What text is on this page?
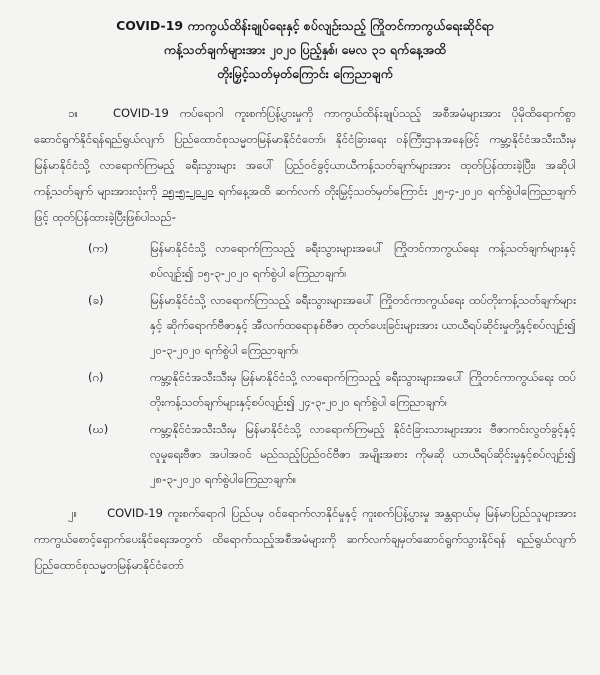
COVID-19 ကာကွယ်ထိန်းချုပ်ရေးနှင့် စပ်လျဉ်းသည့် ကြိုတင်ကာကွယ်ရေးဆိုင်ရာ
ကန့်သတ်ချက်များအား ၂၀၂၀ ပြည့်နှစ်၊ မေလ ၃၁ ရက်နေ့အထိ
တိုးမြှင့်သတ်မှတ်ကြောင်း ကြေညာချက်
၁။	COVID-19 ကပ်ရောဂါ ကူးစက်ပြန့်ပွားမှုကို ကာကွယ်ထိန်းချုပ်သည့် အစီအမံများအား ပိုမိုထိရောက်စွာ ဆောင်ရွက်နိုင်ရန်ရည်ရွယ်လျက် ပြည်ထောင်စုသမ္မတမြန်မာနိုင်ငံတော်၊ နိုင်ငံခြားရေး ဝန်ကြီးဌာနအနေဖြင့် ကမ္ဘာ့နိုင်ငံအသီးသီးမှ မြန်မာနိုင်ငံသို့ လာရောက်ကြမည့် ခရီးသွားများ အပေါ် ပြည်ဝင်ခွင့်ယာယီကန့်သတ်ချက်များအား ထုတ်ပြန်ထားခဲ့ပြီး၊ အဆိုပါ ကန့်သတ်ချက် များအားလုံးကို ၁၅-၅-၂၀၂၀ ရက်နေ့အထိ ဆက်လက် တိုးမြှင့်သတ်မှတ်ကြောင်း ၂၅-၄-၂၀၂၀ ရက်စွဲပါကြေညာချက်ဖြင့် ထုတ်ပြန်ထားခဲ့ပြီးဖြစ်ပါသည်-
(က)	မြန်မာနိုင်ငံသို့ လာရောက်ကြသည့် ခရီးသွားများအပေါ် ကြိုတင်ကာကွယ်ရေး ကန့်သတ်ချက်များနှင့်စပ်လျဉ်း၍ ၁၅-၃-၂၀၂၀ ရက်စွဲပါ ကြေညာချက်၊
(ခ)	မြန်မာနိုင်ငံသို့ လာရောက်ကြသည့် ခရီးသွားများအပေါ် ကြိုတင်ကာကွယ်ရေး ထပ်တိုးကန့်သတ်ချက်များနှင့် ဆိုက်ရောက်ဗီဇာနှင့် အီလက်ထရောနစ်ဗီဇာ ထုတ်ပေးခြင်းများအား ယာယီရပ်ဆိုင်းမှုတို့နှင့်စပ်လျဉ်း၍ ၂၀-၃-၂၀၂၀ ရက်စွဲပါ ကြေညာချက်၊
(ဂ)	ကမ္ဘာ့နိုင်ငံအသီးသီးမှ မြန်မာနိုင်ငံသို့ လာရောက်ကြသည့် ခရီးသွားများအပေါ် ကြိုတင်ကာကွယ်ရေး ထပ်တိုးကန့်သတ်ချက်များနှင့်စပ်လျဉ်း၍ ၂၄-၃-၂၀၂၀ ရက်စွဲပါ ကြေညာချက်၊
(ဃ)	ကမ္ဘာ့နိုင်ငံအသီးသီးမှ မြန်မာနိုင်ငံသို့ လာရောက်ကြမည့် နိုင်ငံခြားသားများအား ဗီဇာကင်းလွတ်ခွင့်နှင့်လူမှုရေးဗီဇာ အပါအဝင် မည်သည့်ပြည်ဝင်ဗီဇာ အမျိုးအစား ကိုမဆို ယာယီရပ်ဆိုင်းမှုနှင့်စပ်လျဉ်း၍ ၂၈-၃-၂၀၂၀ ရက်စွဲပါကြေညာချက်။
၂။	COVID-19 ကူးစက်ရောဂါ ပြည်ပမှ ဝင်ရောက်လာနိုင်မှုနှင့် ကူးစက်ပြန့်ပွားမှု အန္တရာယ်မှ မြန်မာပြည်သူများအား ကာကွယ်စောင့်ရှောက်ပေးနိုင်ရေးအတွက် ထိရောက်သည့်အစီအမံများကို ဆက်လက်ချမှတ်ဆောင်ရွက်သွားနိုင်ရန် ရည်ရွယ်လျက် ပြည်ထောင်စုသမ္မတမြန်မာနိုင်ငံတော်
